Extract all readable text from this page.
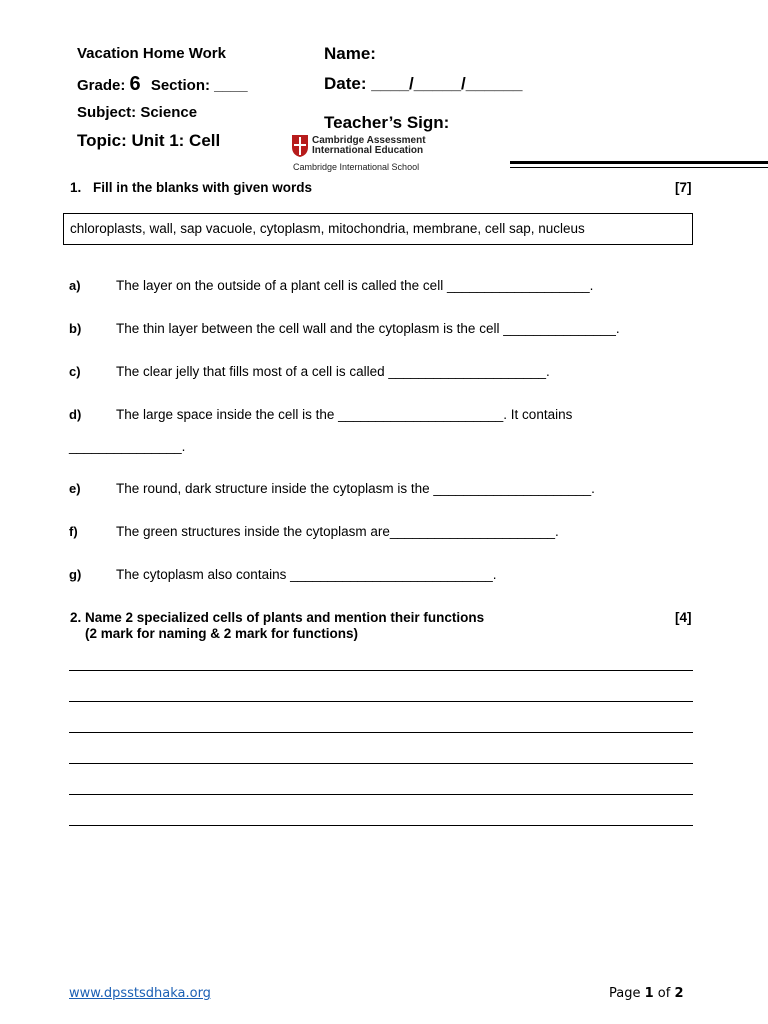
Vacation Home Work
Grade: 6 Section: ____
Subject: Science
Topic: Unit 1: Cell
Name:
Date: ____/_____/______
Teacher’s Sign:
Cambridge Assessment
International Education
Cambridge International School
1. Fill in the blanks with given words	[7]
chloroplasts, wall, sap vacuole, cytoplasm, mitochondria, membrane, cell sap, nucleus
a)	The layer on the outside of a plant cell is called the cell ___________________.
b)	The thin layer between the cell wall and the cytoplasm is the cell _______________.
c)	The clear jelly that fills most of a cell is called _____________________.
d)	The large space inside the cell is the ______________________. It contains
_______________.
e)	The round, dark structure inside the cytoplasm is the _____________________.
f)	The green structures inside the cytoplasm are______________________.
g)	The cytoplasm also contains ___________________________.
2. Name 2 specialized cells of plants and mention their functions
(2 mark for naming & 2 mark for functions)
[4]
www.dpsstsdhaka.org	Page 1 of 2
